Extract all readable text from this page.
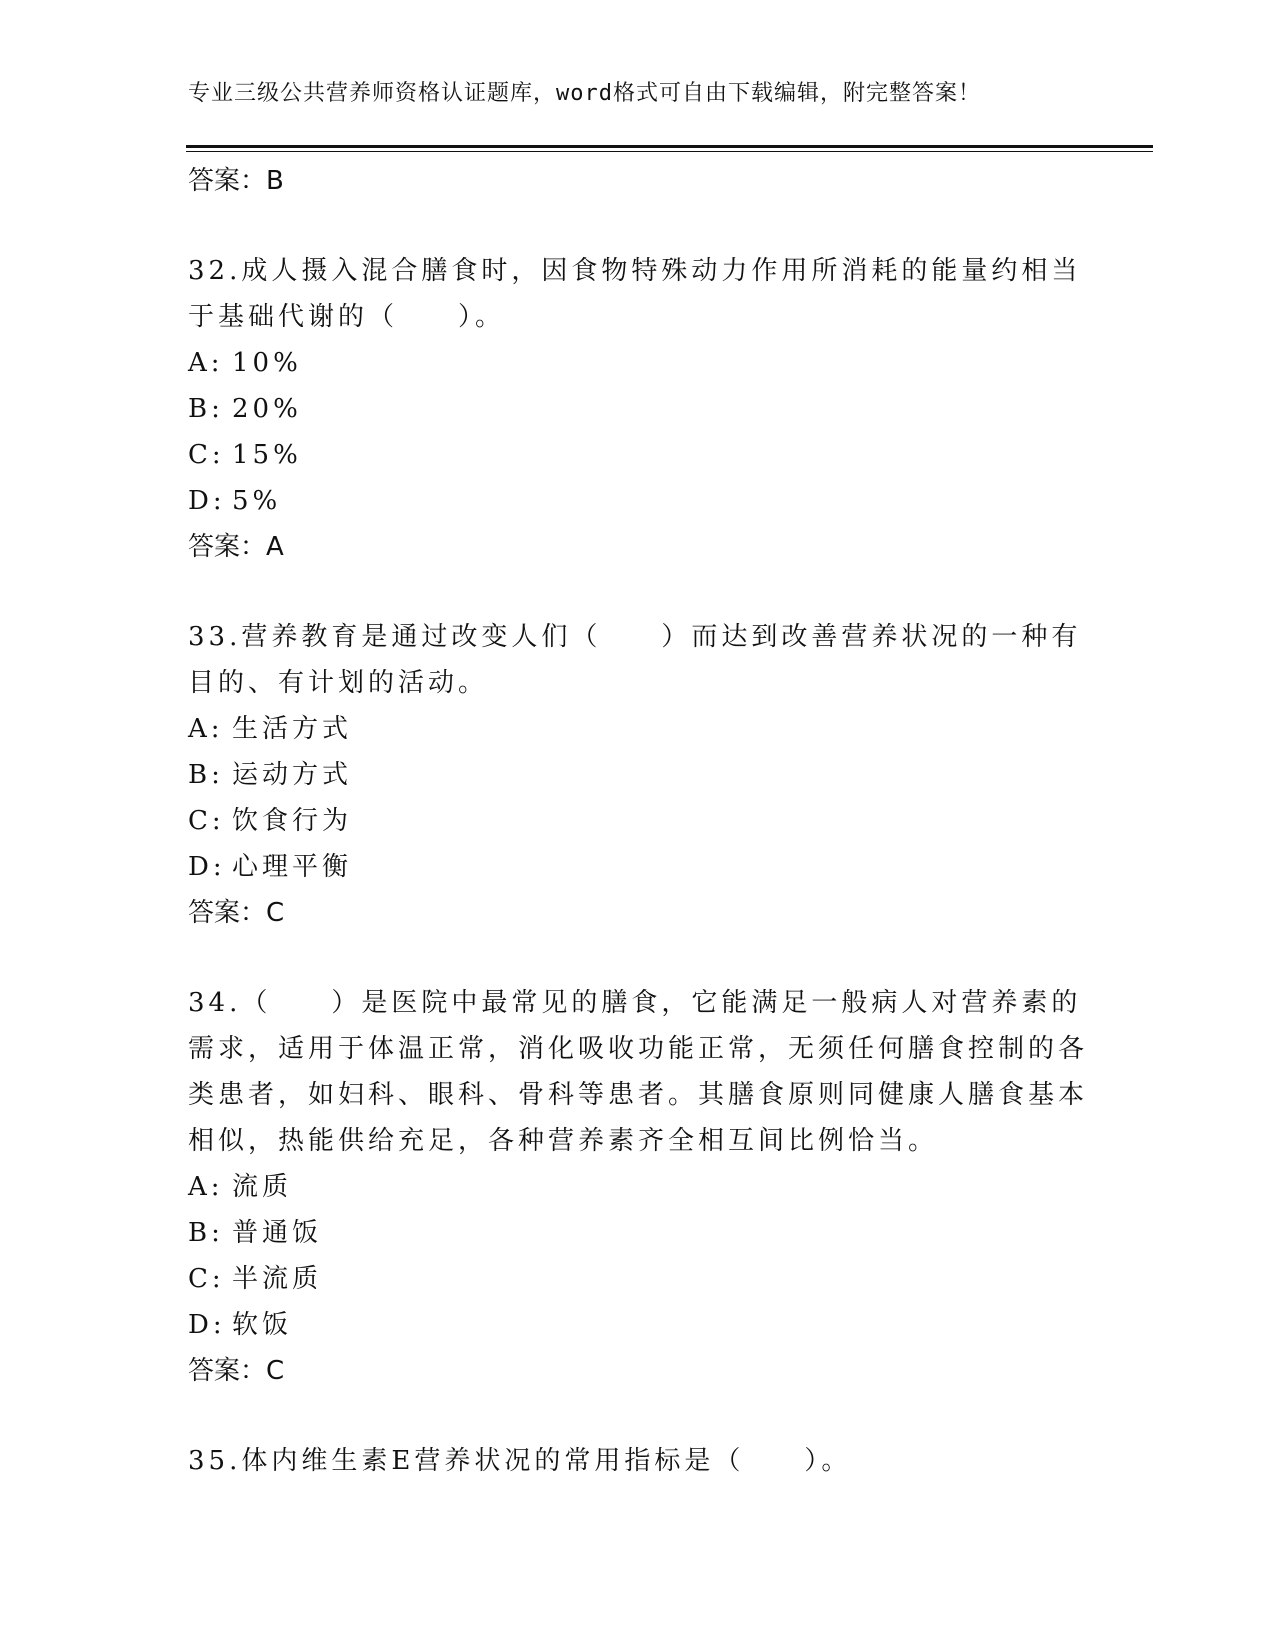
专业三级公共营养师资格认证题库，word格式可自由下载编辑，附完整答案！
答案：B
32.成人摄入混合膳食时，因食物特殊动力作用所消耗的能量约相当于基础代谢的（　　）。
A: 10%
B: 20%
C: 15%
D: 5%
答案：A
33.营养教育是通过改变人们（　　）而达到改善营养状况的一种有目的、有计划的活动。
A: 生活方式
B: 运动方式
C: 饮食行为
D: 心理平衡
答案：C
34.（　　）是医院中最常见的膳食，它能满足一般病人对营养素的需求，适用于体温正常，消化吸收功能正常，无须任何膳食控制的各类患者，如妇科、眼科、骨科等患者。其膳食原则同健康人膳食基本相似，热能供给充足，各种营养素齐全相互间比例恰当。
A: 流质
B: 普通饭
C: 半流质
D: 软饭
答案：C
35.体内维生素E营养状况的常用指标是（　　）。
